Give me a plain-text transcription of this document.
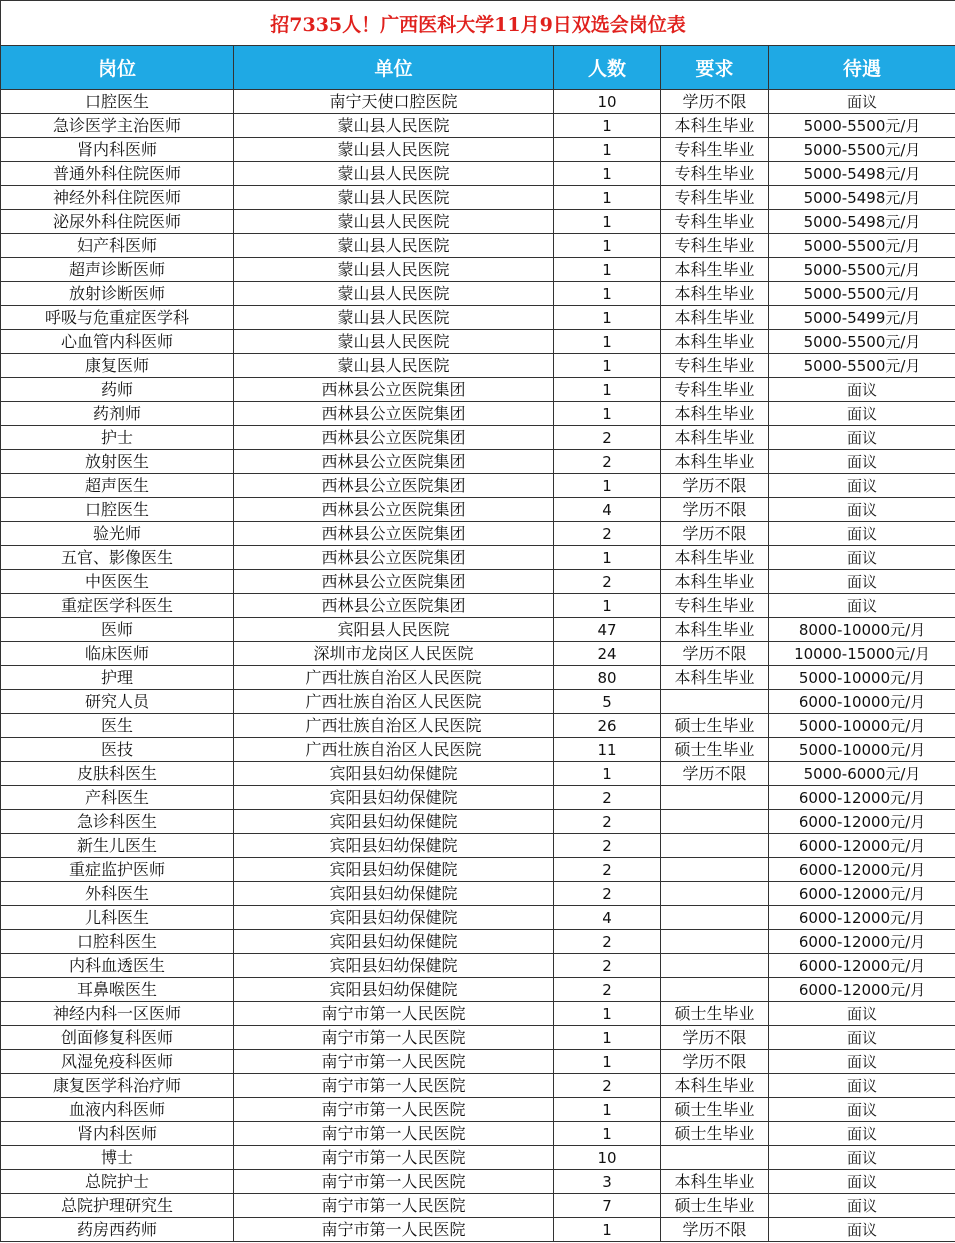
招7335人！广西医科大学11月9日双选会岗位表				
岗位	单位	人数	要求	待遇
口腔医生	南宁天使口腔医院	10	学历不限	面议
急诊医学主治医师	蒙山县人民医院	1	本科生毕业	5000-5500元/月
肾内科医师	蒙山县人民医院	1	专科生毕业	5000-5500元/月
普通外科住院医师	蒙山县人民医院	1	专科生毕业	5000-5498元/月
神经外科住院医师	蒙山县人民医院	1	专科生毕业	5000-5498元/月
泌尿外科住院医师	蒙山县人民医院	1	专科生毕业	5000-5498元/月
妇产科医师	蒙山县人民医院	1	专科生毕业	5000-5500元/月
超声诊断医师	蒙山县人民医院	1	本科生毕业	5000-5500元/月
放射诊断医师	蒙山县人民医院	1	本科生毕业	5000-5500元/月
呼吸与危重症医学科	蒙山县人民医院	1	本科生毕业	5000-5499元/月
心血管内科医师	蒙山县人民医院	1	本科生毕业	5000-5500元/月
康复医师	蒙山县人民医院	1	专科生毕业	5000-5500元/月
药师	西林县公立医院集团	1	专科生毕业	面议
药剂师	西林县公立医院集团	1	本科生毕业	面议
护士	西林县公立医院集团	2	本科生毕业	面议
放射医生	西林县公立医院集团	2	本科生毕业	面议
超声医生	西林县公立医院集团	1	学历不限	面议
口腔医生	西林县公立医院集团	4	学历不限	面议
验光师	西林县公立医院集团	2	学历不限	面议
五官、影像医生	西林县公立医院集团	1	本科生毕业	面议
中医医生	西林县公立医院集团	2	本科生毕业	面议
重症医学科医生	西林县公立医院集团	1	专科生毕业	面议
医师	宾阳县人民医院	47	本科生毕业	8000-10000元/月
临床医师	深圳市龙岗区人民医院	24	学历不限	10000-15000元/月
护理	广西壮族自治区人民医院	80	本科生毕业	5000-10000元/月
研究人员	广西壮族自治区人民医院	5		6000-10000元/月
医生	广西壮族自治区人民医院	26	硕士生毕业	5000-10000元/月
医技	广西壮族自治区人民医院	11	硕士生毕业	5000-10000元/月
皮肤科医生	宾阳县妇幼保健院	1	学历不限	5000-6000元/月
产科医生	宾阳县妇幼保健院	2		6000-12000元/月
急诊科医生	宾阳县妇幼保健院	2		6000-12000元/月
新生儿医生	宾阳县妇幼保健院	2		6000-12000元/月
重症监护医师	宾阳县妇幼保健院	2		6000-12000元/月
外科医生	宾阳县妇幼保健院	2		6000-12000元/月
儿科医生	宾阳县妇幼保健院	4		6000-12000元/月
口腔科医生	宾阳县妇幼保健院	2		6000-12000元/月
内科血透医生	宾阳县妇幼保健院	2		6000-12000元/月
耳鼻喉医生	宾阳县妇幼保健院	2		6000-12000元/月
神经内科一区医师	南宁市第一人民医院	1	硕士生毕业	面议
创面修复科医师	南宁市第一人民医院	1	学历不限	面议
风湿免疫科医师	南宁市第一人民医院	1	学历不限	面议
康复医学科治疗师	南宁市第一人民医院	2	本科生毕业	面议
血液内科医师	南宁市第一人民医院	1	硕士生毕业	面议
肾内科医师	南宁市第一人民医院	1	硕士生毕业	面议
博士	南宁市第一人民医院	10		面议
总院护士	南宁市第一人民医院	3	本科生毕业	面议
总院护理研究生	南宁市第一人民医院	7	硕士生毕业	面议
药房西药师	南宁市第一人民医院	1	学历不限	面议
